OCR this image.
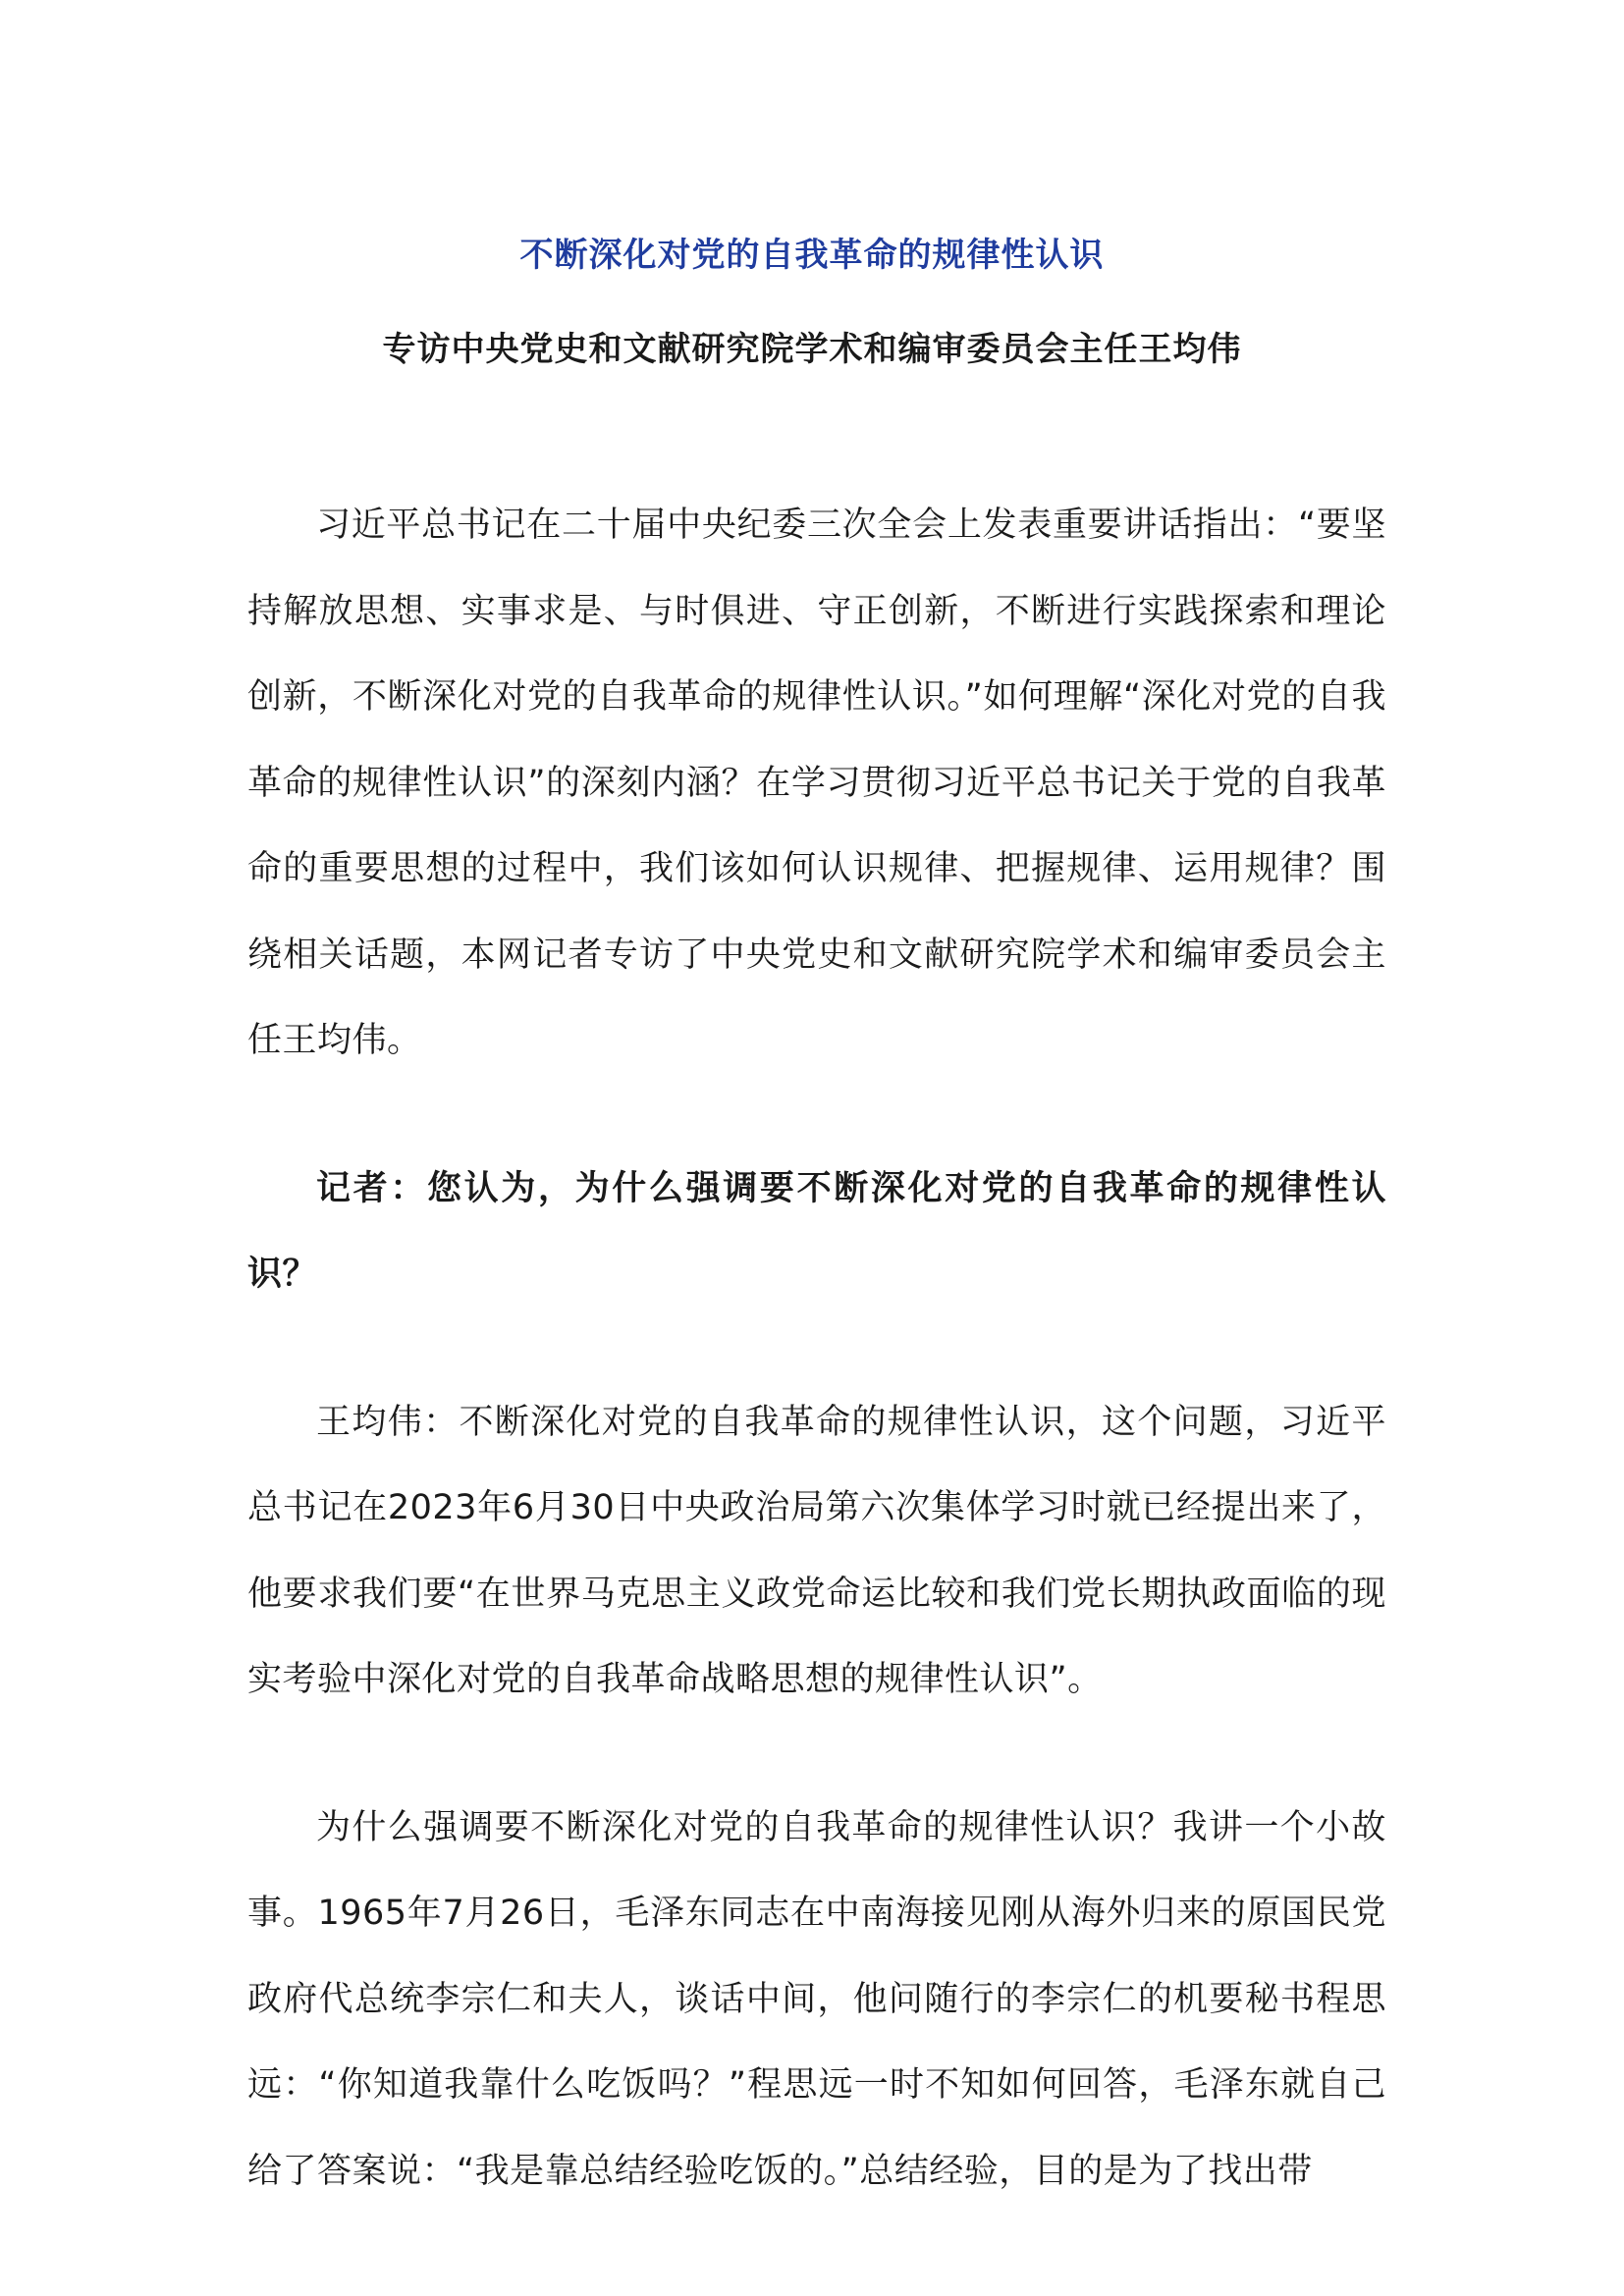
不断深化对党的自我革命的规律性认识
专访中央党史和文献研究院学术和编审委员会主任王均伟

习近平总书记在二十届中央纪委三次全会上发表重要讲话指出：“要坚持解放思想、实事求是、与时俱进、守正创新，不断进行实践探索和理论创新，不断深化对党的自我革命的规律性认识。”如何理解“深化对党的自我革命的规律性认识”的深刻内涵？在学习贯彻习近平总书记关于党的自我革命的重要思想的过程中，我们该如何认识规律、把握规律、运用规律？围绕相关话题，本网记者专访了中央党史和文献研究院学术和编审委员会主任王均伟。

记者：您认为，为什么强调要不断深化对党的自我革命的规律性认识？

王均伟：不断深化对党的自我革命的规律性认识，这个问题，习近平总书记在2023年6月30日中央政治局第六次集体学习时就已经提出来了，他要求我们要“在世界马克思主义政党命运比较和我们党长期执政面临的现实考验中深化对党的自我革命战略思想的规律性认识”。

为什么强调要不断深化对党的自我革命的规律性认识？我讲一个小故事。1965年7月26日，毛泽东同志在中南海接见刚从海外归来的原国民党政府代总统李宗仁和夫人，谈话中间，他问随行的李宗仁的机要秘书程思远：“你知道我靠什么吃饭吗？”程思远一时不知如何回答，毛泽东就自己给了答案说：“我是靠总结经验吃饭的。”总结经验，目的是为了找出带
